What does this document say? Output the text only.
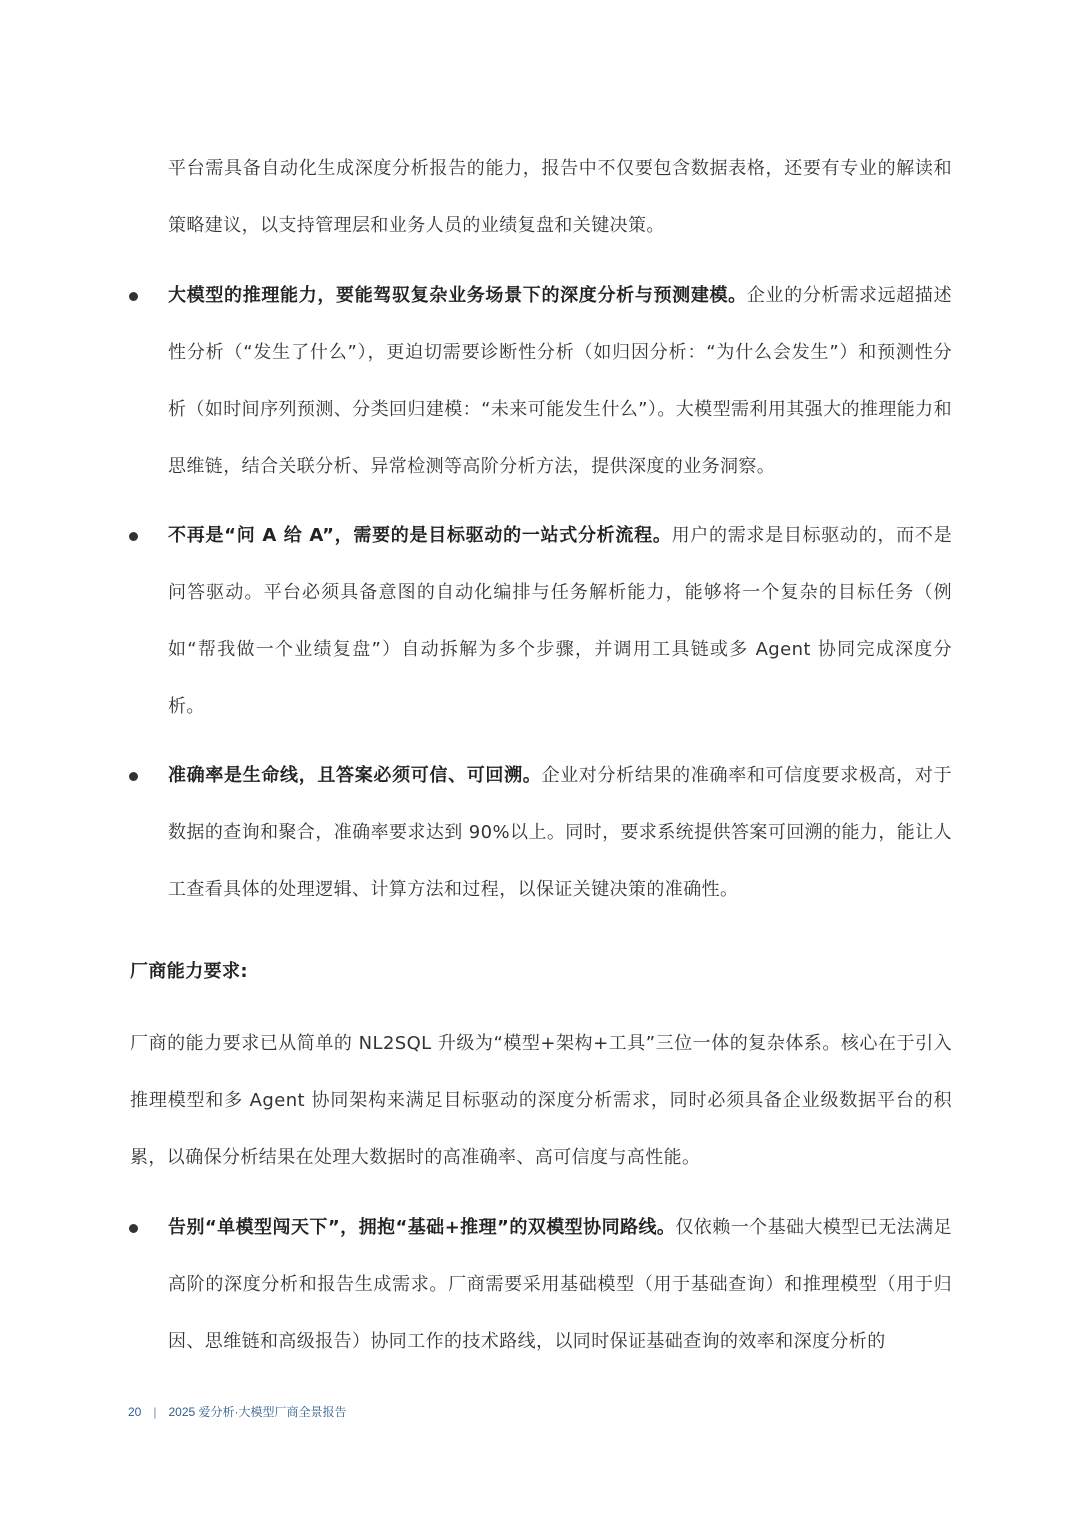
平台需具备自动化生成深度分析报告的能力，报告中不仅要包含数据表格，还要有专业的解读和策略建议，以支持管理层和业务人员的业绩复盘和关键决策。

大模型的推理能力，要能驾驭复杂业务场景下的深度分析与预测建模。企业的分析需求远超描述性分析（“发生了什么”），更迫切需要诊断性分析（如归因分析：“为什么会发生”）和预测性分析（如时间序列预测、分类回归建模：“未来可能发生什么”）。大模型需利用其强大的推理能力和思维链，结合关联分析、异常检测等高阶分析方法，提供深度的业务洞察。

不再是“问 A 给 A”，需要的是目标驱动的一站式分析流程。用户的需求是目标驱动的，而不是问答驱动。平台必须具备意图的自动化编排与任务解析能力，能够将一个复杂的目标任务（例如“帮我做一个业绩复盘”）自动拆解为多个步骤，并调用工具链或多 Agent 协同完成深度分析。

准确率是生命线，且答案必须可信、可回溯。企业对分析结果的准确率和可信度要求极高，对于数据的查询和聚合，准确率要求达到 90%以上。同时，要求系统提供答案可回溯的能力，能让人工查看具体的处理逻辑、计算方法和过程，以保证关键决策的准确性。

厂商能力要求:

厂商的能力要求已从简单的 NL2SQL 升级为“模型+架构+工具”三位一体的复杂体系。核心在于引入推理模型和多 Agent 协同架构来满足目标驱动的深度分析需求，同时必须具备企业级数据平台的积累，以确保分析结果在处理大数据时的高准确率、高可信度与高性能。

告别“单模型闯天下”，拥抱“基础+推理”的双模型协同路线。仅依赖一个基础大模型已无法满足高阶的深度分析和报告生成需求。厂商需要采用基础模型（用于基础查询）和推理模型（用于归因、思维链和高级报告）协同工作的技术路线，以同时保证基础查询的效率和深度分析的

20 | 2025 爱分析·大模型厂商全景报告
